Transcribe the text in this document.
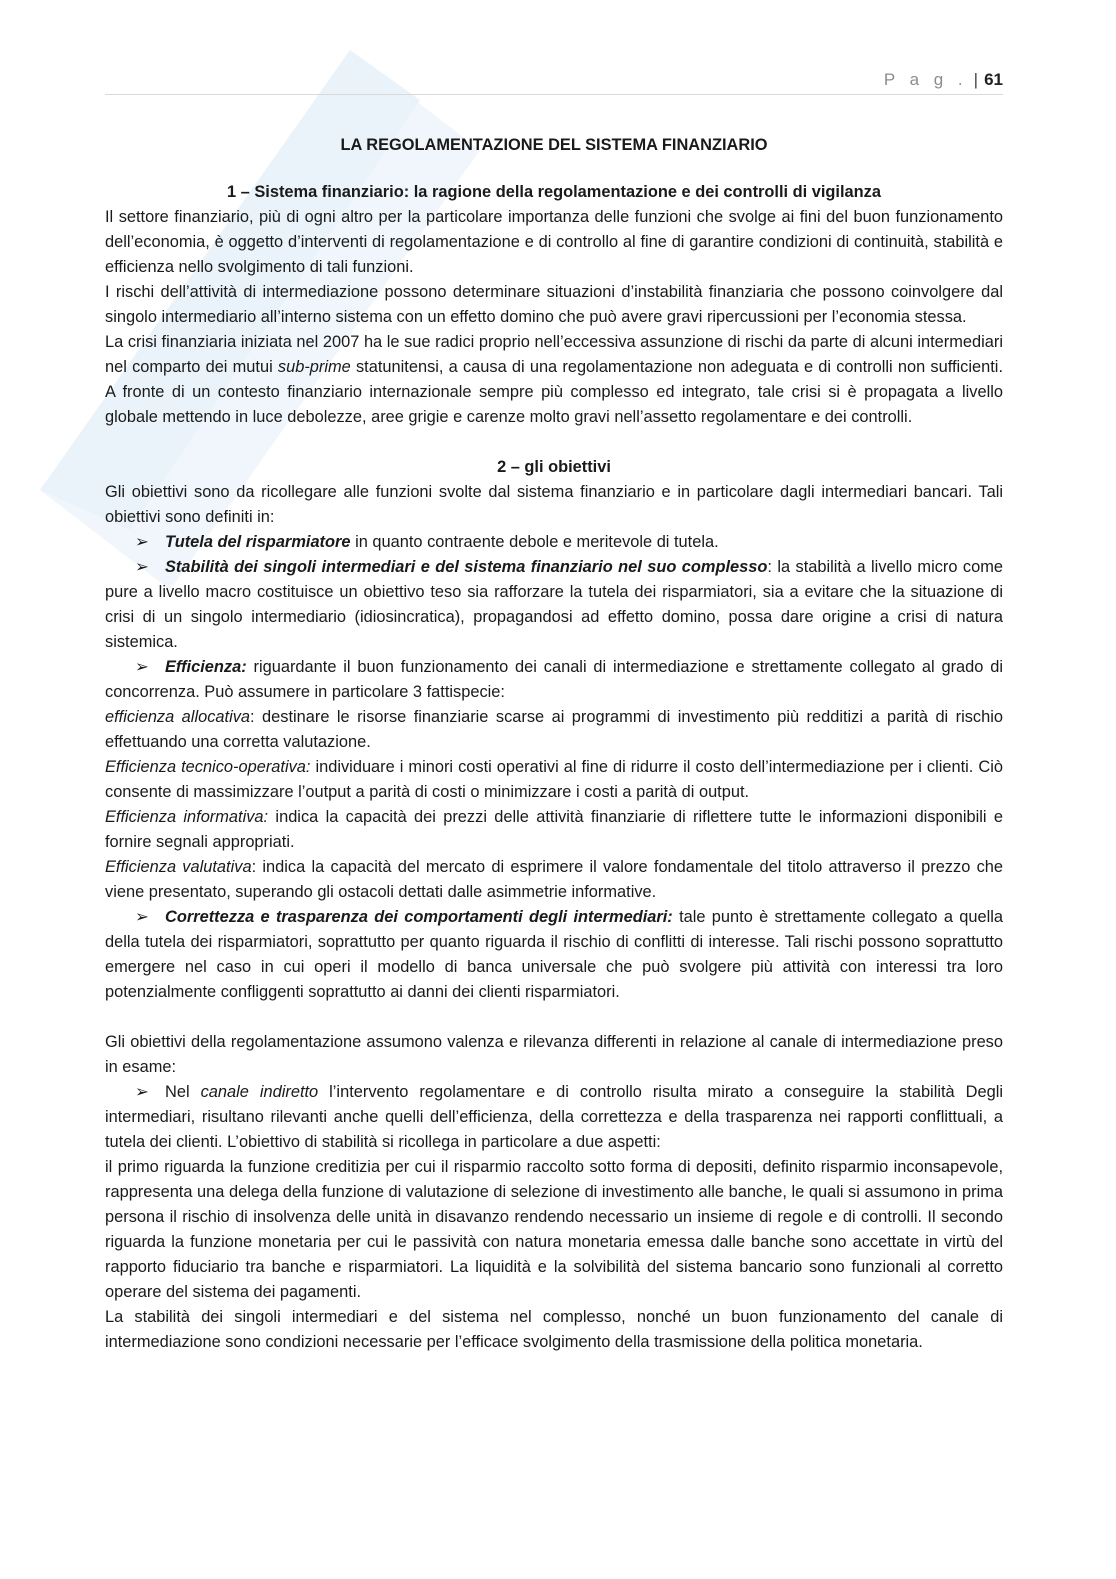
P a g . | 61

LA REGOLAMENTAZIONE DEL SISTEMA FINANZIARIO

1 – Sistema finanziario: la ragione della regolamentazione e dei controlli di vigilanza

Il settore finanziario, più di ogni altro per la particolare importanza delle funzioni che svolge ai fini del buon funzionamento dell’economia, è oggetto d’interventi di regolamentazione e di controllo al fine di garantire condizioni di continuità, stabilità e efficienza nello svolgimento di tali funzioni.

I rischi dell’attività di intermediazione possono determinare situazioni d’instabilità finanziaria che possono coinvolgere dal singolo intermediario all’interno sistema con un effetto domino che può avere gravi ripercussioni per l’economia stessa.

La crisi finanziaria iniziata nel 2007 ha le sue radici proprio nell’eccessiva assunzione di rischi da parte di alcuni intermediari nel comparto dei mutui sub-prime statunitensi, a causa di una regolamentazione non adeguata e di controlli non sufficienti. A fronte di un contesto finanziario internazionale sempre più complesso ed integrato, tale crisi si è propagata a livello globale mettendo in luce debolezze, aree grigie e carenze molto gravi nell’assetto regolamentare e dei controlli.

2 – gli obiettivi

Gli obiettivi sono da ricollegare alle funzioni svolte dal sistema finanziario e in particolare dagli intermediari bancari. Tali obiettivi sono definiti in:

➢ Tutela del risparmiatore in quanto contraente debole e meritevole di tutela.

➢ Stabilità dei singoli intermediari e del sistema finanziario nel suo complesso: la stabilità a livello micro come pure a livello macro costituisce un obiettivo teso sia rafforzare la tutela dei risparmiatori, sia a evitare che la situazione di crisi di un singolo intermediario (idiosincratica), propagandosi ad effetto domino, possa dare origine a crisi di natura sistemica.

➢ Efficienza: riguardante il buon funzionamento dei canali di intermediazione e strettamente collegato al grado di concorrenza. Può assumere in particolare 3 fattispecie:

efficienza allocativa: destinare le risorse finanziarie scarse ai programmi di investimento più redditizi a parità di rischio effettuando una corretta valutazione.

Efficienza tecnico-operativa: individuare i minori costi operativi al fine di ridurre il costo dell’intermediazione per i clienti. Ciò consente di massimizzare l’output a parità di costi o minimizzare i costi a parità di output.

Efficienza informativa: indica la capacità dei prezzi delle attività finanziarie di riflettere tutte le informazioni disponibili e fornire segnali appropriati.

Efficienza valutativa: indica la capacità del mercato di esprimere il valore fondamentale del titolo attraverso il prezzo che viene presentato, superando gli ostacoli dettati dalle asimmetrie informative.

➢ Correttezza e trasparenza dei comportamenti degli intermediari: tale punto è strettamente collegato a quella della tutela dei risparmiatori, soprattutto per quanto riguarda il rischio di conflitti di interesse. Tali rischi possono soprattutto emergere nel caso in cui operi il modello di banca universale che può svolgere più attività con interessi tra loro potenzialmente confliggenti soprattutto ai danni dei clienti risparmiatori.

Gli obiettivi della regolamentazione assumono valenza e rilevanza differenti in relazione al canale di intermediazione preso in esame:

➢ Nel canale indiretto l’intervento regolamentare e di controllo risulta mirato a conseguire la stabilità Degli intermediari, risultano rilevanti anche quelli dell’efficienza, della correttezza e della trasparenza nei rapporti conflittuali, a tutela dei clienti. L’obiettivo di stabilità si ricollega in particolare a due aspetti:

il primo riguarda la funzione creditizia per cui il risparmio raccolto sotto forma di depositi, definito risparmio inconsapevole, rappresenta una delega della funzione di valutazione di selezione di investimento alle banche, le quali si assumono in prima persona il rischio di insolvenza delle unità in disavanzo rendendo necessario un insieme di regole e di controlli. Il secondo riguarda la funzione monetaria per cui le passività con natura monetaria emessa dalle banche sono accettate in virtù del rapporto fiduciario tra banche e risparmiatori. La liquidità e la solvibilità del sistema bancario sono funzionali al corretto operare del sistema dei pagamenti.

La stabilità dei singoli intermediari e del sistema nel complesso, nonché un buon funzionamento del canale di intermediazione sono condizioni necessarie per l’efficace svolgimento della trasmissione della politica monetaria.
